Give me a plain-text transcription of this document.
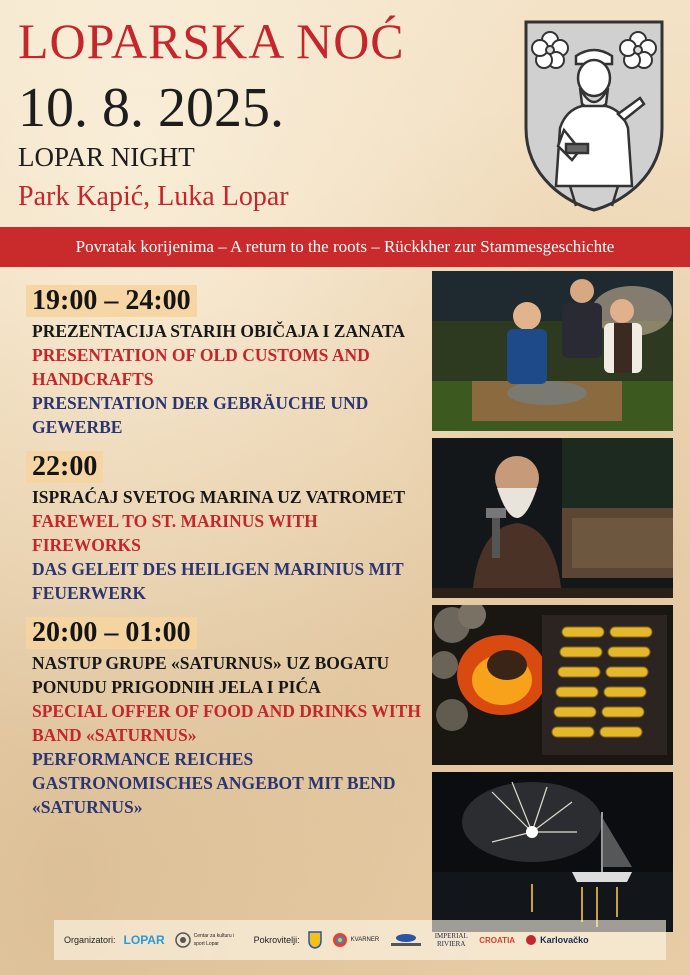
LOPARSKA NOĆ
10. 8. 2025.
LOPAR NIGHT
Park Kapić, Luka Lopar
Povratak korijenima – A return to the roots – Rückkher zur Stammesgeschichte
19:00 – 24:00
PREZENTACIJA STARIH OBIČAJA I ZANATA
PRESENTATION OF OLD CUSTOMS AND HANDCRAFTS
PRESENTATION DER GEBRÄUCHE UND GEWERBE
22:00
ISPRAĆAJ SVETOG MARINA UZ VATROMET
FAREWEL TO ST. MARINUS WITH FIREWORKS
DAS GELEIT DES HEILIGEN MARINIUS MIT FEUERWERK
20:00 – 01:00
NASTUP GRUPE «SATURNUS» UZ BOGATU PONUDU PRIGODNIH JELA I PIĆA
SPECIAL OFFER OF FOOD AND DRINKS WITH BAND «SATURNUS»
PERFORMANCE REICHES GASTRONOMISCHES ANGEBOT MIT BEND «SATURNUS»

Organizatori: LOPAR	Centar za kulturu i sport Lopar	Pokrovitelji:	KVARNER	IMPERIAL RIVIERA	CROATIA	Karlovačko
